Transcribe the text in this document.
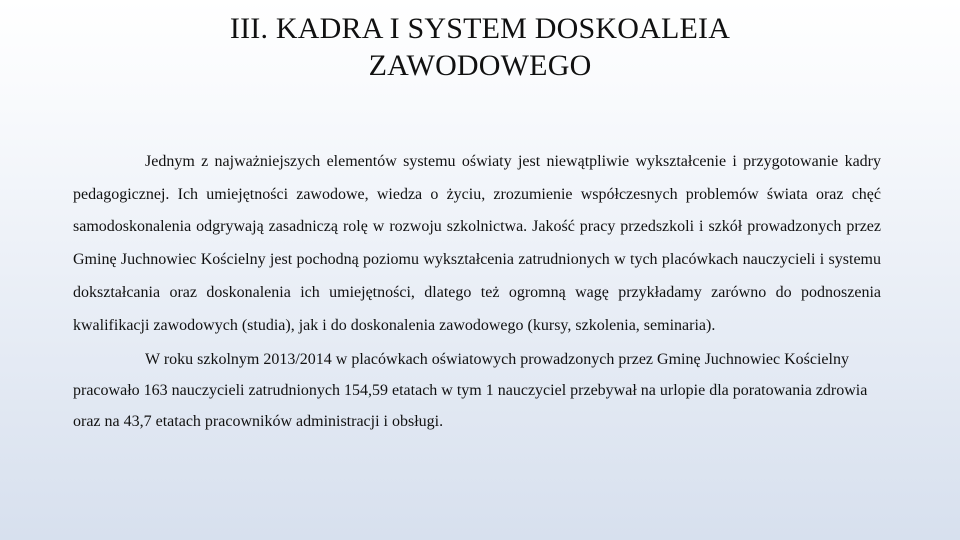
III. KADRA I SYSTEM DOSKOALEIA
ZAWODOWEGO

Jednym z najważniejszych elementów systemu oświaty jest niewątpliwie wykształcenie i przygotowanie kadry pedagogicznej. Ich umiejętności zawodowe, wiedza o życiu, zrozumienie współczesnych problemów świata oraz chęć samodoskonalenia odgrywają zasadniczą rolę w rozwoju szkolnictwa. Jakość pracy przedszkoli i szkół prowadzonych przez Gminę Juchnowiec Kościelny jest pochodną poziomu wykształcenia zatrudnionych w tych placówkach nauczycieli i systemu dokształcania oraz doskonalenia ich umiejętności, dlatego też ogromną wagę przykładamy zarówno do podnoszenia kwalifikacji zawodowych (studia), jak i do doskonalenia zawodowego (kursy, szkolenia, seminaria).

W roku szkolnym 2013/2014 w placówkach oświatowych prowadzonych przez Gminę Juchnowiec Kościelny pracowało 163 nauczycieli zatrudnionych 154,59 etatach w tym 1 nauczyciel przebywał na urlopie dla poratowania zdrowia oraz na 43,7 etatach pracowników administracji i obsługi.
